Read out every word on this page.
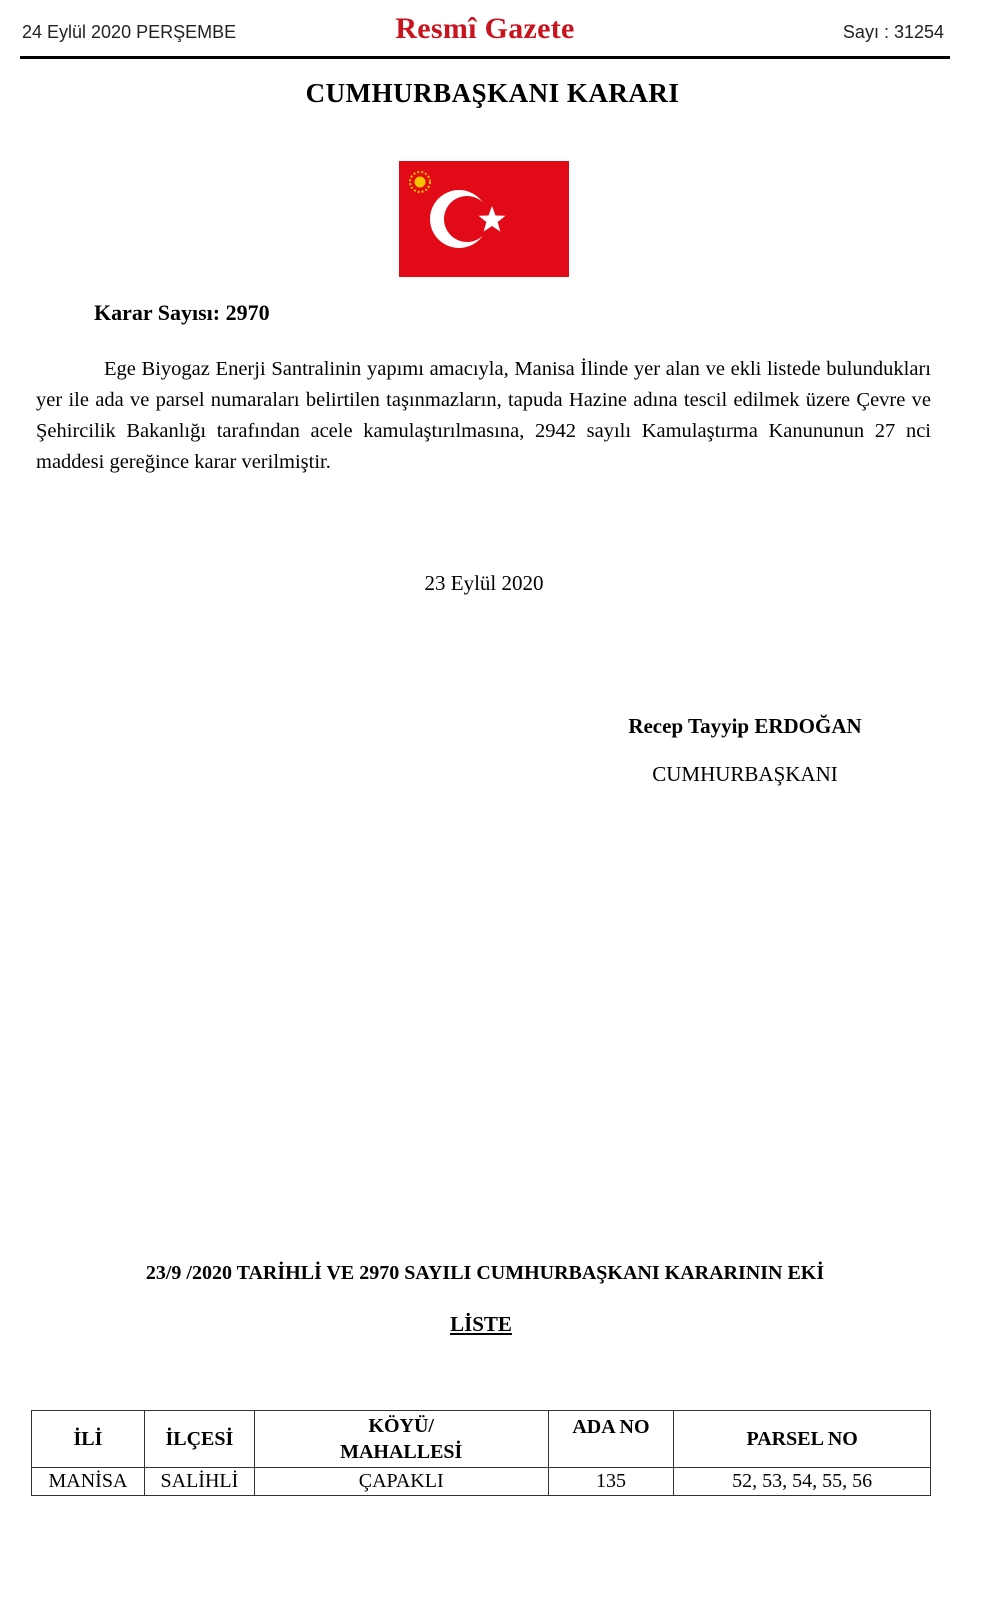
24 Eylül 2020 PERŞEMBE	Resmî Gazete	Sayı : 31254
CUMHURBAŞKANI KARARI
Karar Sayısı: 2970
Ege Biyogaz Enerji Santralinin yapımı amacıyla, Manisa İlinde yer alan ve ekli listede bulundukları yer ile ada ve parsel numaraları belirtilen taşınmazların, tapuda Hazine adına tescil edilmek üzere Çevre ve Şehircilik Bakanlığı tarafından acele kamulaştırılmasına, 2942 sayılı Kamulaştırma Kanununun 27 nci maddesi gereğince karar verilmiştir.
23 Eylül 2020
Recep Tayyip ERDOĞAN
CUMHURBAŞKANI
23/9 /2020 TARİHLİ VE 2970 SAYILI CUMHURBAŞKANI KARARININ EKİ
LİSTE
İLİ	İLÇESİ	KÖYÜ/ MAHALLESİ	ADA NO	PARSEL NO
MANİSA	SALİHLİ	ÇAPAKLI	135	52, 53, 54, 55, 56
